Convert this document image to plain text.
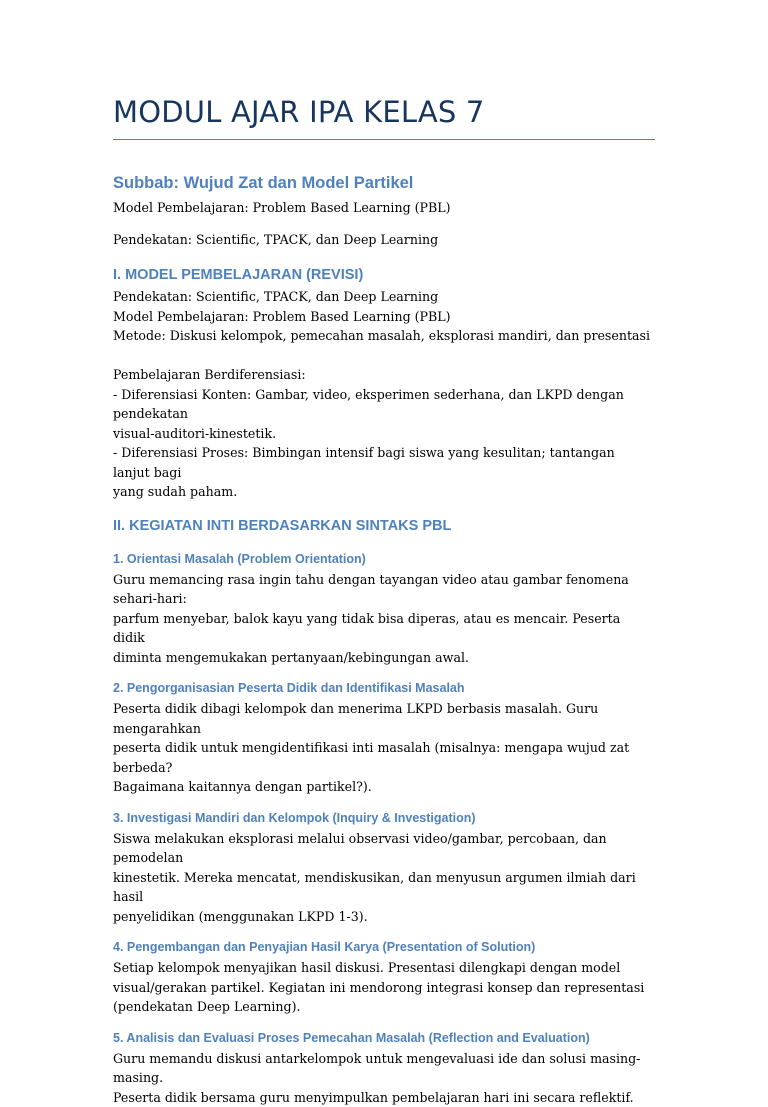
MODUL AJAR IPA KELAS 7
Subbab: Wujud Zat dan Model Partikel
Model Pembelajaran: Problem Based Learning (PBL)
Pendekatan: Scientific, TPACK, dan Deep Learning
I. MODEL PEMBELAJARAN (REVISI)
Pendekatan: Scientific, TPACK, dan Deep Learning
Model Pembelajaran: Problem Based Learning (PBL)
Metode: Diskusi kelompok, pemecahan masalah, eksplorasi mandiri, dan presentasi

Pembelajaran Berdiferensiasi:
- Diferensiasi Konten: Gambar, video, eksperimen sederhana, dan LKPD dengan pendekatan
visual-auditori-kinestetik.
- Diferensiasi Proses: Bimbingan intensif bagi siswa yang kesulitan; tantangan lanjut bagi
yang sudah paham.
II. KEGIATAN INTI BERDASARKAN SINTAKS PBL
1. Orientasi Masalah (Problem Orientation)
Guru memancing rasa ingin tahu dengan tayangan video atau gambar fenomena sehari-hari:
parfum menyebar, balok kayu yang tidak bisa diperas, atau es mencair. Peserta didik
diminta mengemukakan pertanyaan/kebingungan awal.
2. Pengorganisasian Peserta Didik dan Identifikasi Masalah
Peserta didik dibagi kelompok dan menerima LKPD berbasis masalah. Guru mengarahkan
peserta didik untuk mengidentifikasi inti masalah (misalnya: mengapa wujud zat berbeda?
Bagaimana kaitannya dengan partikel?).
3. Investigasi Mandiri dan Kelompok (Inquiry & Investigation)
Siswa melakukan eksplorasi melalui observasi video/gambar, percobaan, dan pemodelan
kinestetik. Mereka mencatat, mendiskusikan, dan menyusun argumen ilmiah dari hasil
penyelidikan (menggunakan LKPD 1-3).
4. Pengembangan dan Penyajian Hasil Karya (Presentation of Solution)
Setiap kelompok menyajikan hasil diskusi. Presentasi dilengkapi dengan model
visual/gerakan partikel. Kegiatan ini mendorong integrasi konsep dan representasi
(pendekatan Deep Learning).
5. Analisis dan Evaluasi Proses Pemecahan Masalah (Reflection and Evaluation)
Guru memandu diskusi antarkelompok untuk mengevaluasi ide dan solusi masing-masing.
Peserta didik bersama guru menyimpulkan pembelajaran hari ini secara reflektif.
